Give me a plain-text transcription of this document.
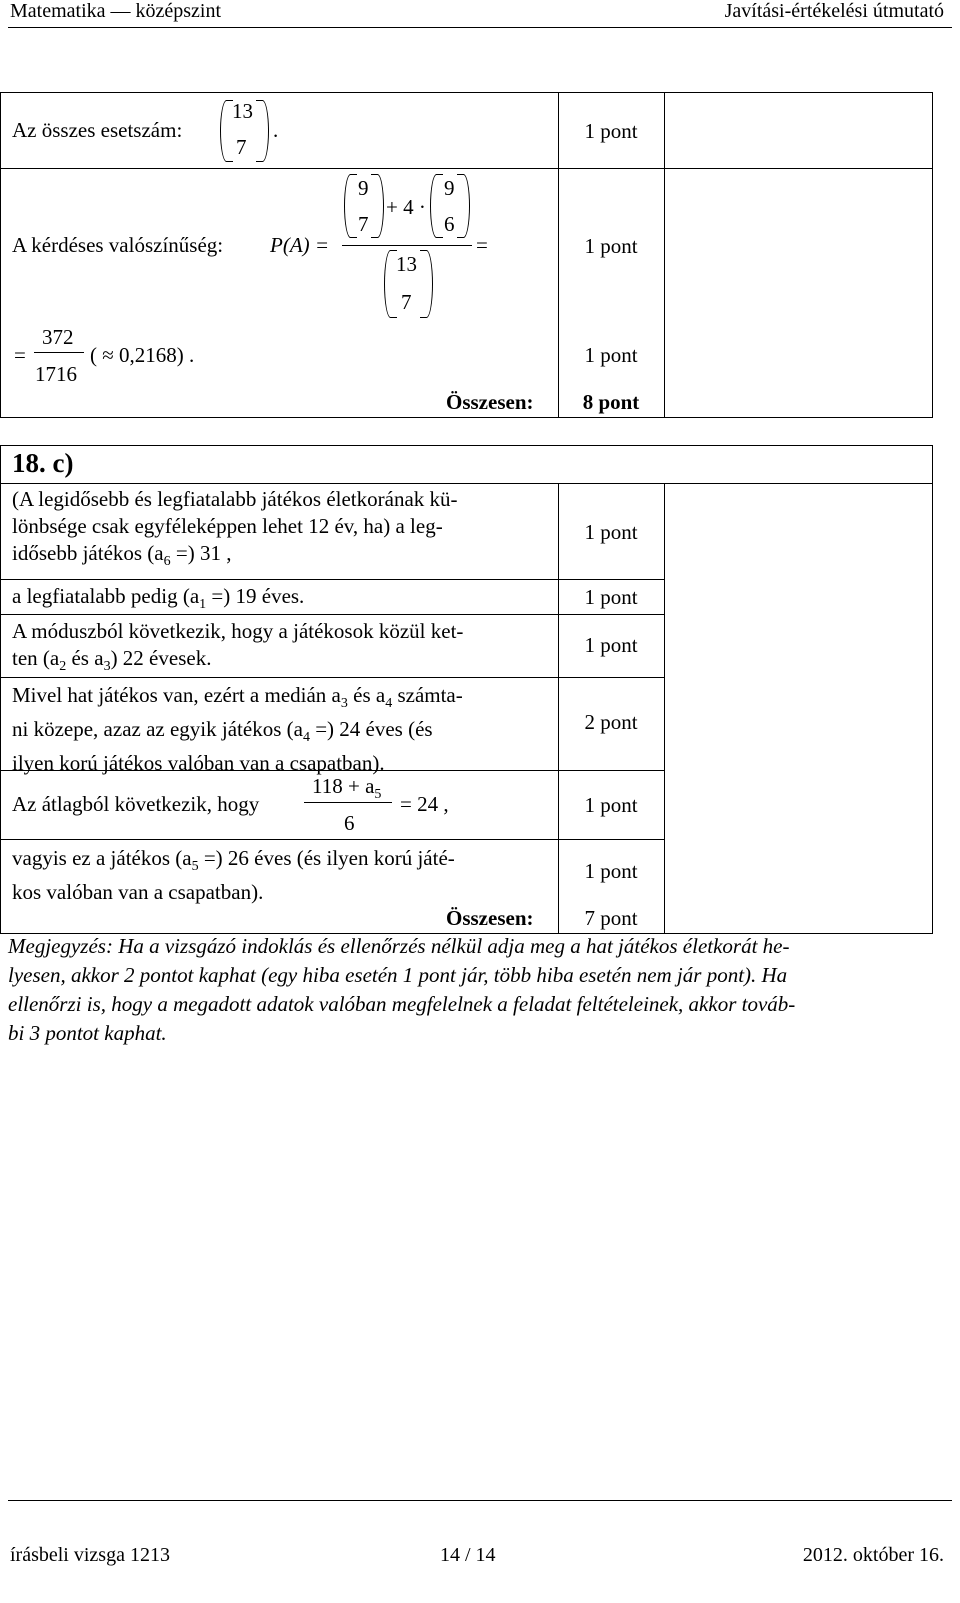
Matematika — középszint	Javítási-értékelési útmutató
Az összes esetszám:
13
7
.	1 pont
A kérdéses valószínűség: P(A) =
9
7
+ 4 ·
9
6
13
7
=	1 pont
=
372
1716
( ≈ 0,2168) .	1 pont
Összesen:	8 pont
18. c)
(A legidősebb és legfiatalabb játékos életkorának kü-
lönbsége csak egyféleképpen lehet 12 év, ha) a leg-
idősebb játékos ($a_6$ =) 31 ,
1 pont
a legfiatalabb pedig ($a_1$ =) 19 éves.	1 pont
A móduszból következik, hogy a játékosok közül ket-
ten ($a_2$ és $a_3$) 22 évesek.
1 pont
Mivel hat játékos van, ezért a medián $a_3$ és $a_4$ számta-
ni közepe, azaz az egyik játékos ($a_4$ =) 24 éves (és
ilyen korú játékos valóban van a csapatban).
2 pont
Az átlagból következik, hogy
$118 + a_5$
6
= 24 ,	1 pont
vagyis ez a játékos ($a_5$ =) 26 éves (és ilyen korú játé-
kos valóban van a csapatban).
1 pont
Összesen:	7 pont
Megjegyzés: Ha a vizsgázó indoklás és ellenőrzés nélkül adja meg a hat játékos életkorát he-
lyesen, akkor 2 pontot kaphat (egy hiba esetén 1 pont jár, több hiba esetén nem jár pont). Ha
ellenőrzi is, hogy a megadott adatok valóban megfelelnek a feladat feltételeinek, akkor továb-
bi 3 pontot kaphat.
írásbeli vizsga 1213	14 / 14	2012. október 16.
